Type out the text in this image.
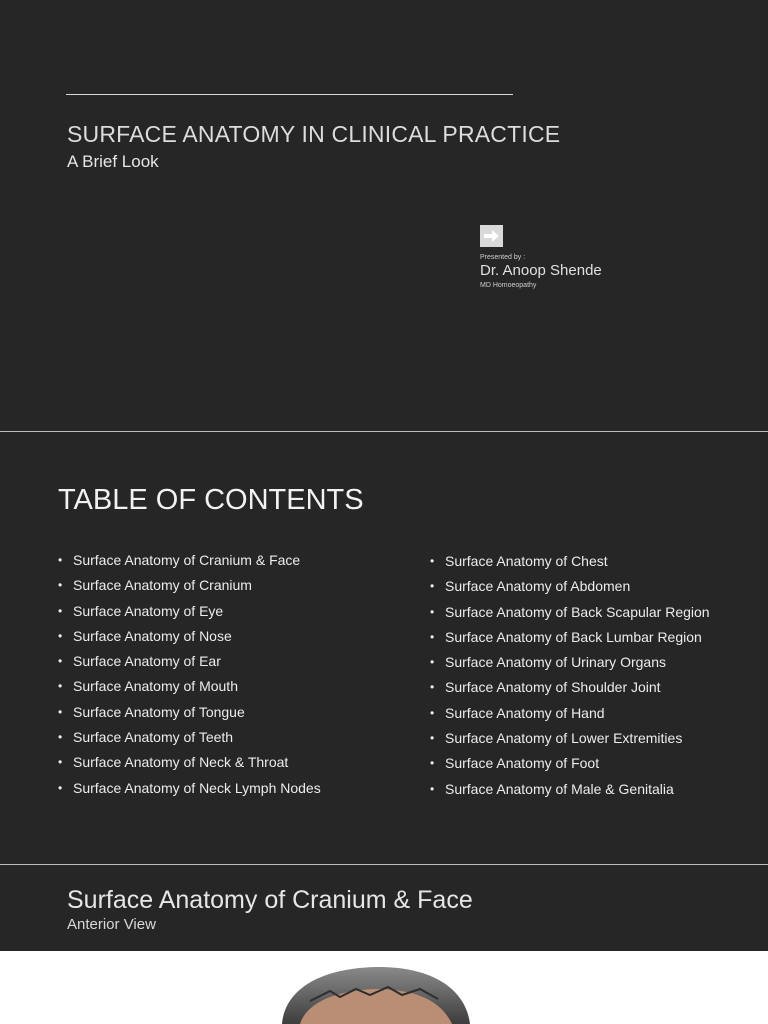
SURFACE ANATOMY IN CLINICAL PRACTICE
A Brief Look
Presented by :
Dr. Anoop Shende
MD Homoeopathy
TABLE OF CONTENTS
• Surface Anatomy of Cranium & Face
• Surface Anatomy of Cranium
• Surface Anatomy of Eye
• Surface Anatomy of Nose
• Surface Anatomy of Ear
• Surface Anatomy of Mouth
• Surface Anatomy of Tongue
• Surface Anatomy of Teeth
• Surface Anatomy of Neck & Throat
• Surface Anatomy of Neck Lymph Nodes
• Surface Anatomy of Chest
• Surface Anatomy of Abdomen
• Surface Anatomy of Back Scapular Region
• Surface Anatomy of Back Lumbar Region
• Surface Anatomy of Urinary Organs
• Surface Anatomy of Shoulder Joint
• Surface Anatomy of Hand
• Surface Anatomy of Lower Extremities
• Surface Anatomy of Foot
• Surface Anatomy of Male & Genitalia
Surface Anatomy of Cranium & Face
Anterior View
